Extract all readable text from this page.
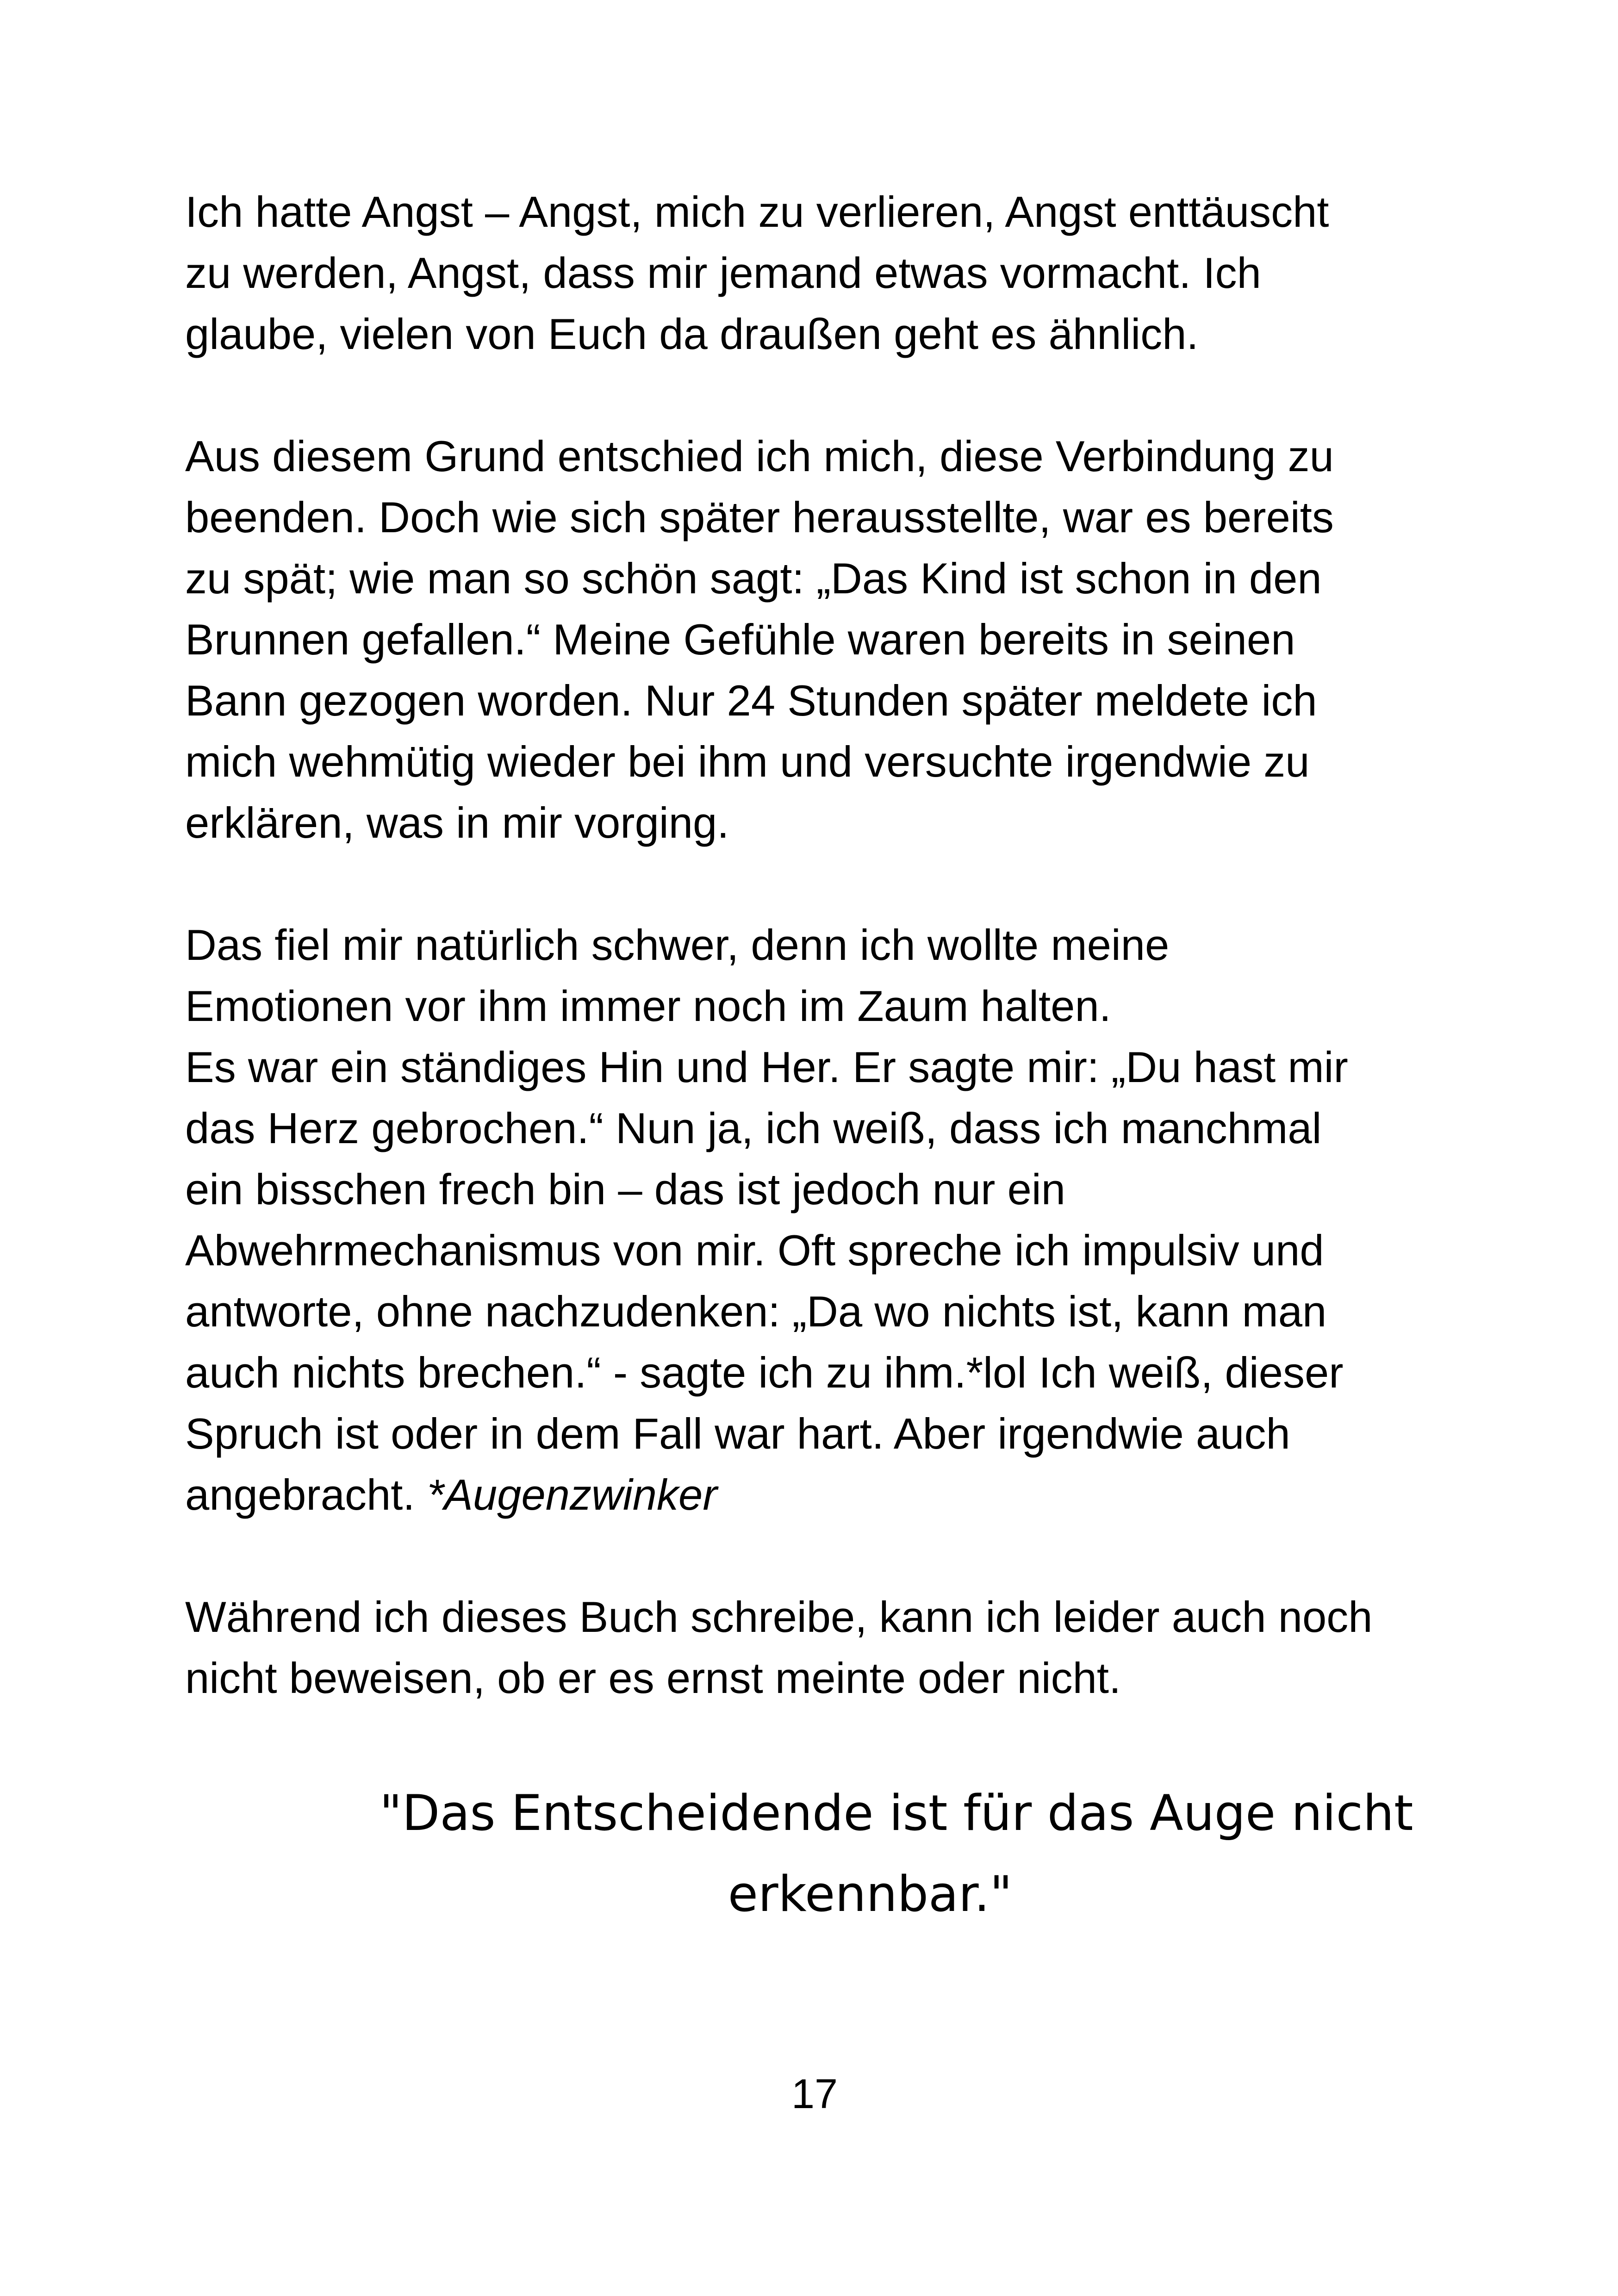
Ich hatte Angst – Angst, mich zu verlieren, Angst enttäuscht
zu werden, Angst, dass mir jemand etwas vormacht. Ich
glaube, vielen von Euch da draußen geht es ähnlich.

Aus diesem Grund entschied ich mich, diese Verbindung zu
beenden. Doch wie sich später herausstellte, war es bereits
zu spät; wie man so schön sagt: „Das Kind ist schon in den
Brunnen gefallen.“ Meine Gefühle waren bereits in seinen
Bann gezogen worden. Nur 24 Stunden später meldete ich
mich wehmütig wieder bei ihm und versuchte irgendwie zu
erklären, was in mir vorging.

Das fiel mir natürlich schwer, denn ich wollte meine
Emotionen vor ihm immer noch im Zaum halten.

Es war ein ständiges Hin und Her. Er sagte mir: „Du hast mir
das Herz gebrochen.“ Nun ja, ich weiß, dass ich manchmal
ein bisschen frech bin – das ist jedoch nur ein
Abwehrmechanismus von mir. Oft spreche ich impulsiv und
antworte, ohne nachzudenken: „Da wo nichts ist, kann man
auch nichts brechen.“ - sagte ich zu ihm.*lol Ich weiß, dieser
Spruch ist oder in dem Fall war hart. Aber irgendwie auch
angebracht. *Augenzwinker

Während ich dieses Buch schreibe, kann ich leider auch noch
nicht beweisen, ob er es ernst meinte oder nicht.

"Das Entscheidende ist für das Auge nicht
erkennbar."
17
